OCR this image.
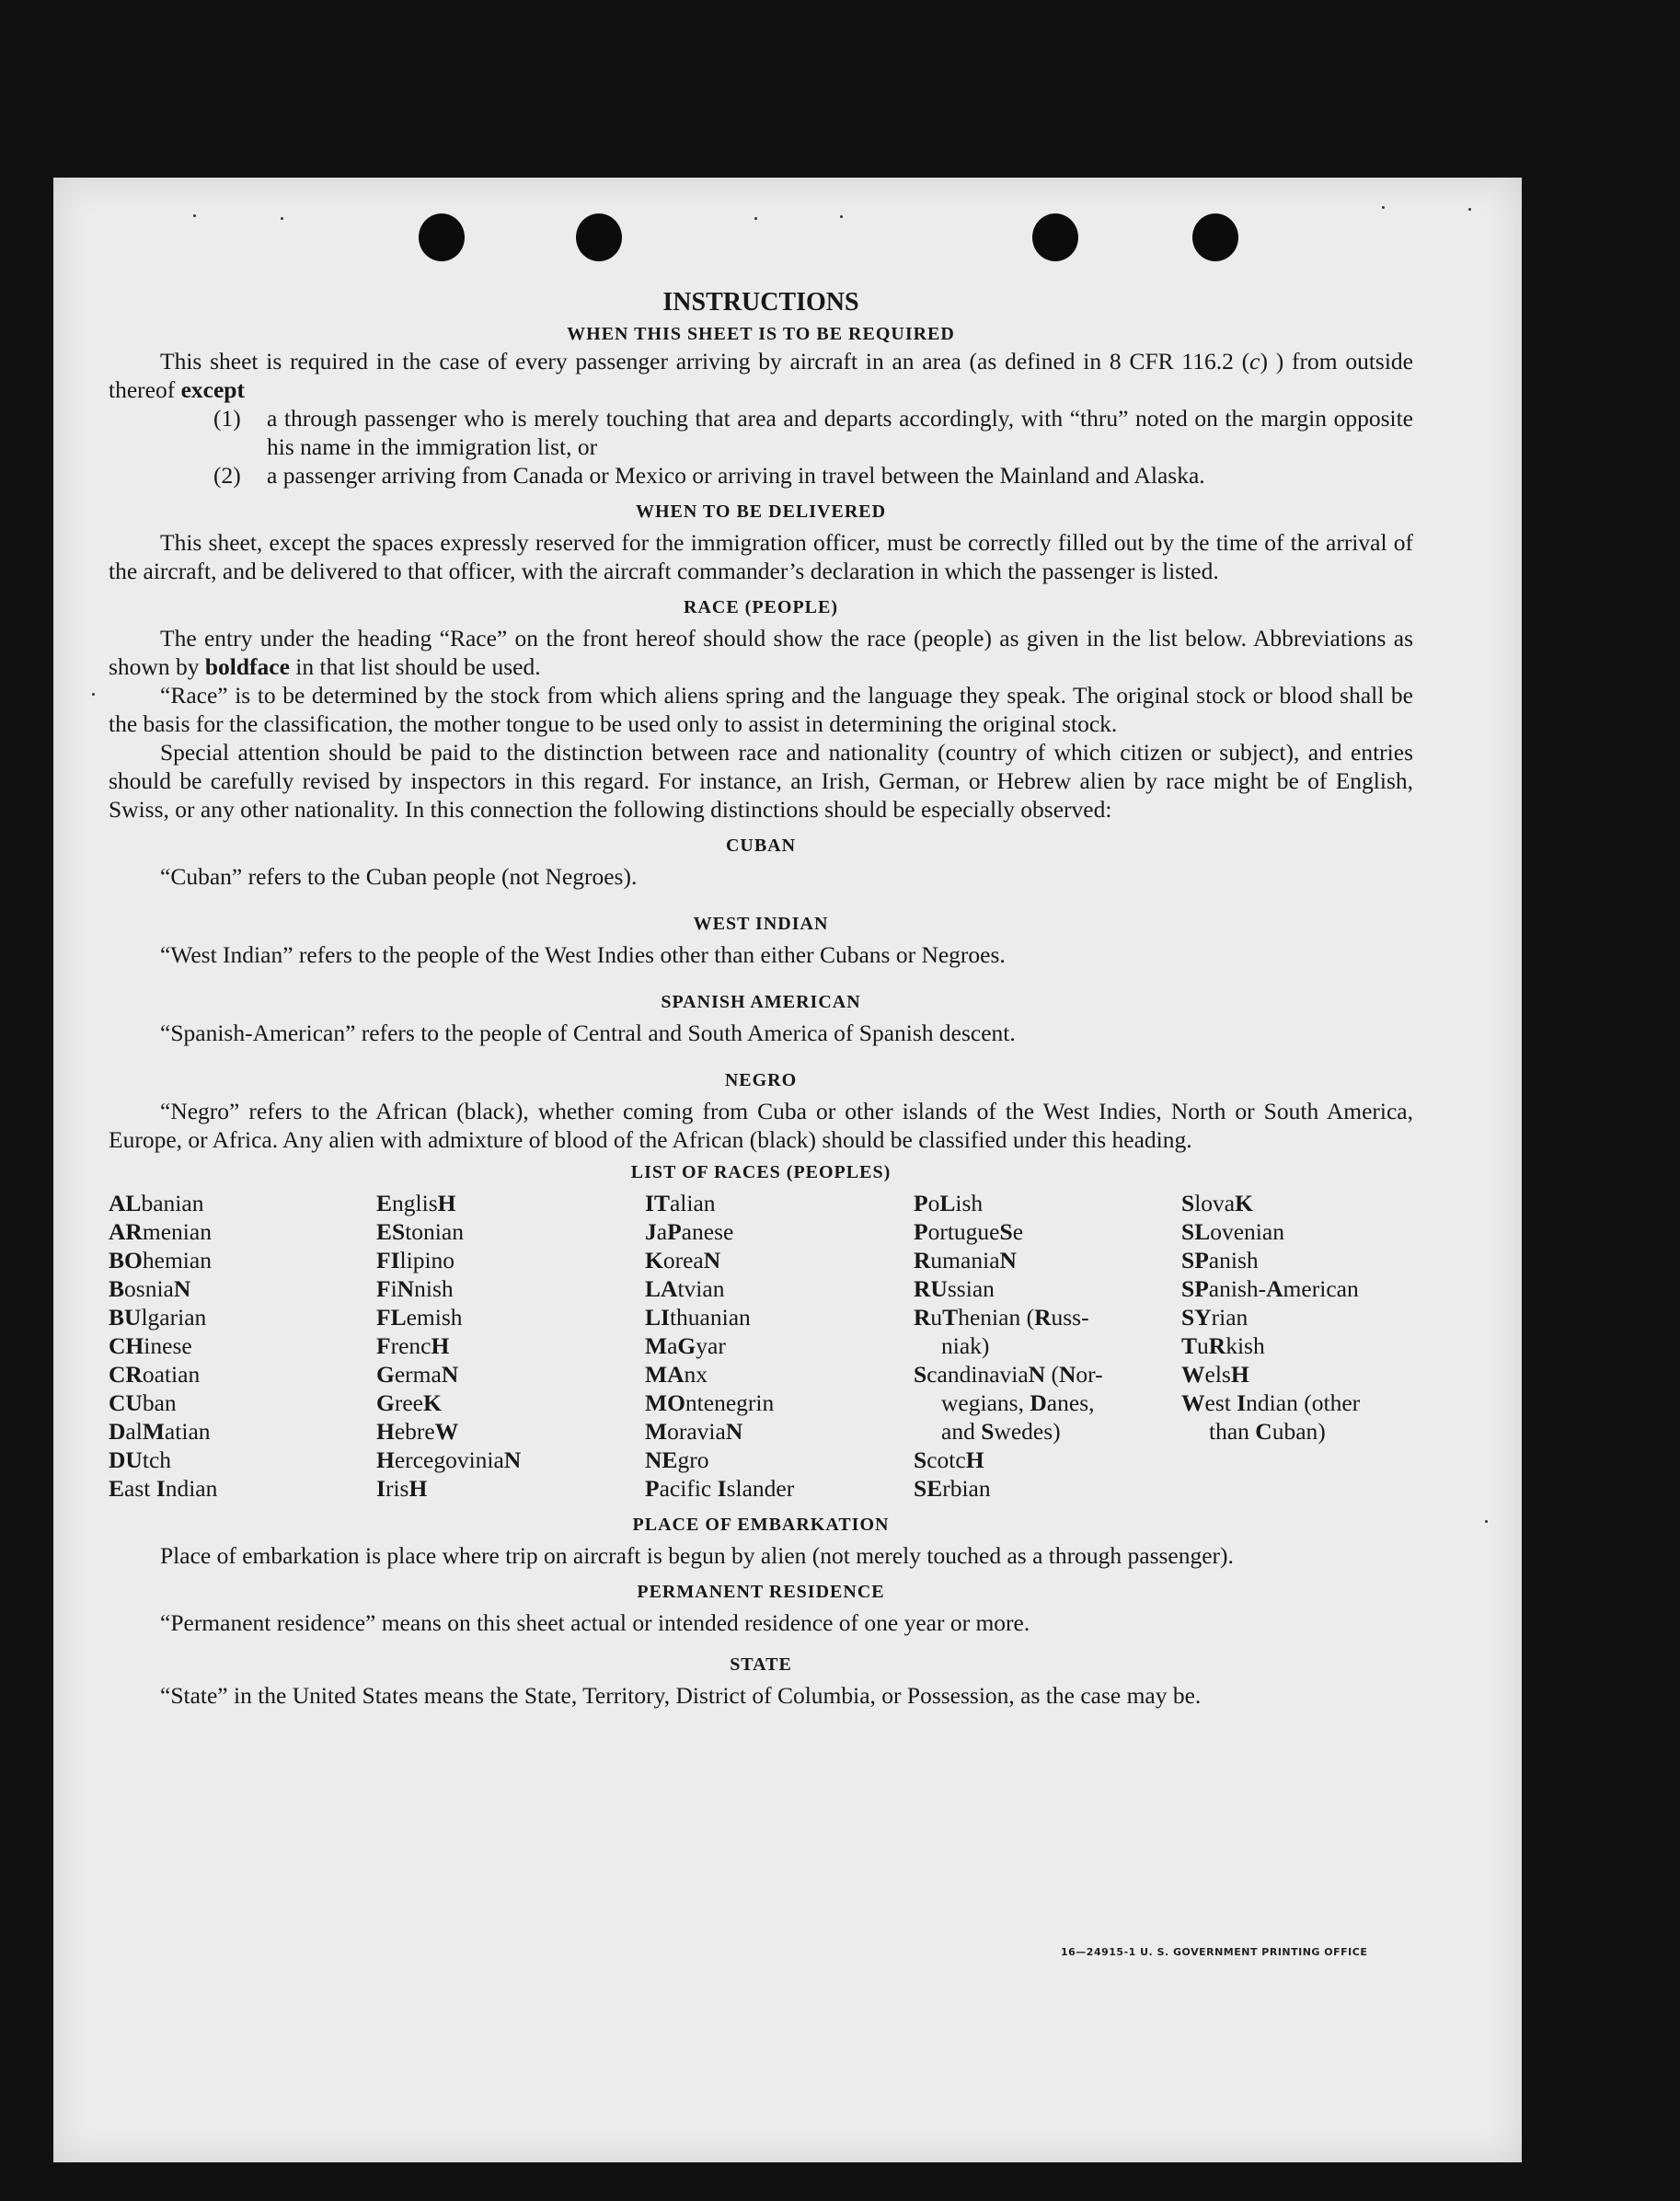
INSTRUCTIONS
WHEN THIS SHEET IS TO BE REQUIRED

This sheet is required in the case of every passenger arriving by aircraft in an area (as defined in 8 CFR 116.2 (c) ) from outside thereof except

(1)	a through passenger who is merely touching that area and departs accordingly, with “thru” noted on the margin opposite his name in the immigration list, or
(2)	a passenger arriving from Canada or Mexico or arriving in travel between the Mainland and Alaska.
WHEN TO BE DELIVERED

This sheet, except the spaces expressly reserved for the immigration officer, must be correctly filled out by the time of the arrival of the aircraft, and be delivered to that officer, with the aircraft commander’s declaration in which the passenger is listed.

RACE (PEOPLE)

The entry under the heading “Race” on the front hereof should show the race (people) as given in the list below. Abbreviations as shown by boldface in that list should be used.

“Race” is to be determined by the stock from which aliens spring and the language they speak. The original stock or blood shall be the basis for the classification, the mother tongue to be used only to assist in determining the original stock.

Special attention should be paid to the distinction between race and nationality (country of which citizen or subject), and entries should be carefully revised by inspectors in this regard. For instance, an Irish, German, or Hebrew alien by race might be of English, Swiss, or any other nationality. In this connection the following distinctions should be especially observed:

CUBAN

“Cuban” refers to the Cuban people (not Negroes).

WEST INDIAN

“West Indian” refers to the people of the West Indies other than either Cubans or Negroes.

SPANISH AMERICAN

“Spanish-American” refers to the people of Central and South America of Spanish descent.

NEGRO

“Negro” refers to the African (black), whether coming from Cuba or other islands of the West Indies, North or South America, Europe, or Africa. Any alien with admixture of blood of the African (black) should be classified under this heading.

LIST OF RACES (PEOPLES)
ALbanian
ARmenian
BOhemian
BosniaN
BUlgarian
CHinese
CRoatian
CUban
DalMatian
DUtch
East Indian
EnglisH
EStonian
FIlipino
FiNnish
FLemish
FrencH
GermaN
GreeK
HebreW
HercegoviniaN
IrisH
ITalian
JaPanese
KoreaN
LAtvian
LIthuanian
MaGyar
MAnx
MOntenegrin
MoraviaN
NEgro
Pacific Islander
PoLish
PortugueSe
RumaniaN
RUssian
RuThenian (Russ-
niak)
ScandinaviaN (Nor-
wegians, Danes,
and Swedes)
ScotcH
SErbian
SlovaK
SLovenian
SPanish
SPanish-American
SYrian
TuRkish
WelsH
West Indian (other
than Cuban)
PLACE OF EMBARKATION

Place of embarkation is place where trip on aircraft is begun by alien (not merely touched as a through passenger).

PERMANENT RESIDENCE

“Permanent residence” means on this sheet actual or intended residence of one year or more.

STATE

“State” in the United States means the State, Territory, District of Columbia, or Possession, as the case may be.

16—24915-1 U. S. GOVERNMENT PRINTING OFFICE
